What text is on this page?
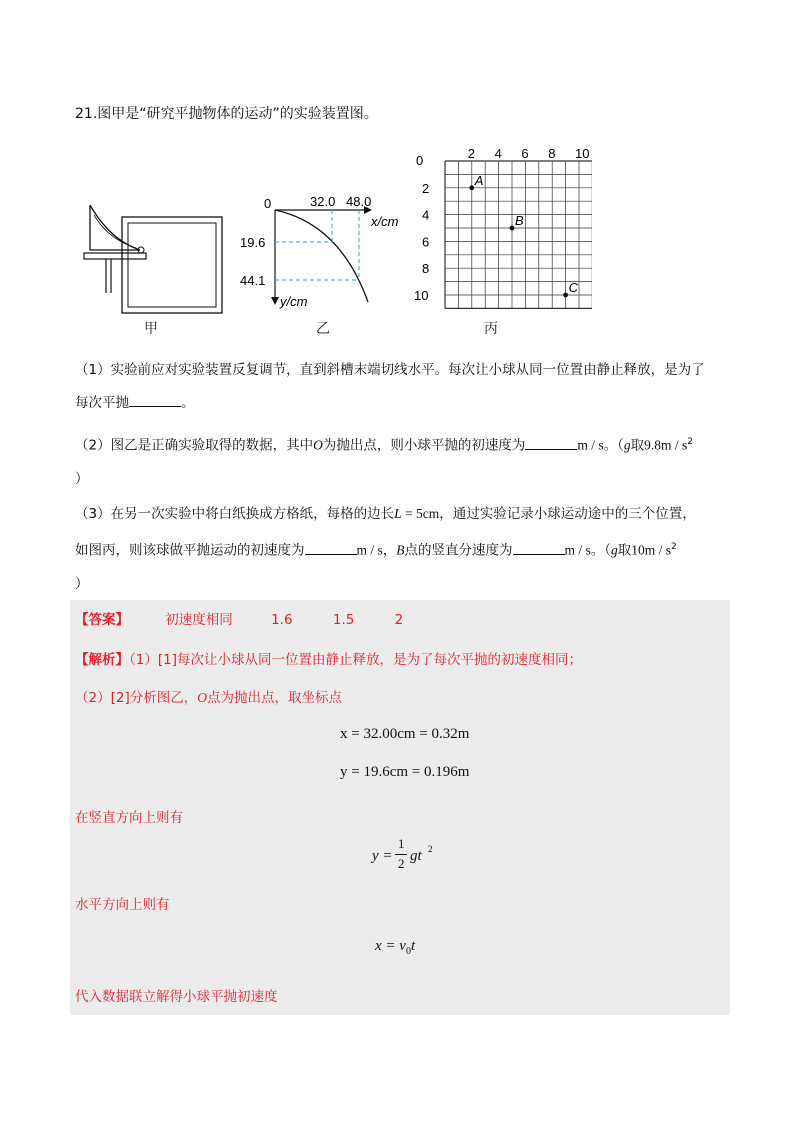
21.图甲是“研究平抛物体的运动”的实验装置图。
甲
0	32.0 48.0
x/cm
19.6
44.1
y/cm
乙
A
B
C
0	2 4 6 8 10
2
4
6
8
10
丙
（1）实验前应对实验装置反复调节，直到斜槽末端切线水平。每次让小球从同一位置由静止释放，是为了
每次平抛	。
（2）图乙是正确实验取得的数据，其中O为抛出点，则小球平抛的初速度为	m / s。（g取$9.8m / s^2$
）
（3）在另一次实验中将白纸换成方格纸，每格的边长L = 5cm，通过实验记录小球运动途中的三个位置，
如图丙，则该球做平抛运动的初速度为	m / s，B点的竖直分速度为	m / s。（g取$10m / s^2$
）
【答案】	初速度相同	1.6	1.5	2
【解析】（1）[1]每次让小球从同一位置由静止释放，是为了每次平抛的初速度相同；
（2）[2]分析图乙，O点为抛出点，取坐标点
x = 32.00cm = 0.32m
y = 19.6cm = 0.196m
在竖直方向上则有
y =
1
2 gt 2
水平方向上则有
$x = v_0t$
代入数据联立解得小球平抛初速度
